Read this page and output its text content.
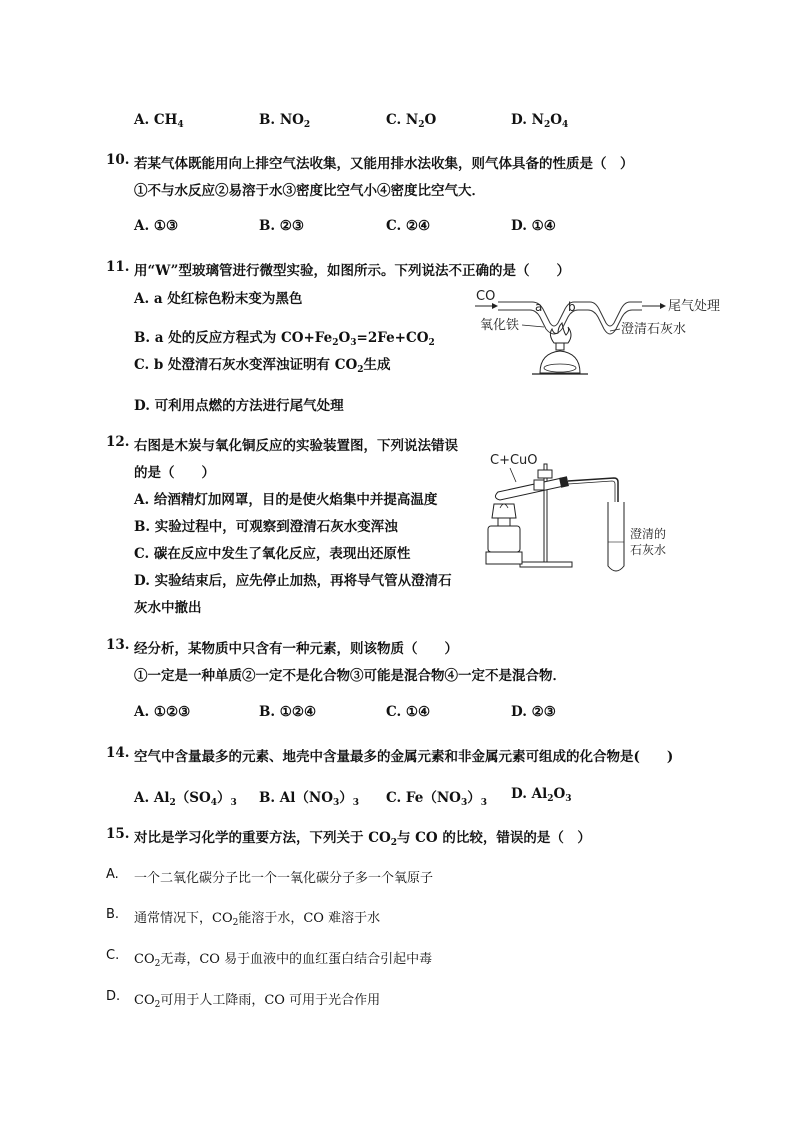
A. $CH_4$	B. $NO_2$	C. $N_2O$	D. $N_2O_4$
10. 若某气体既能用向上排空气法收集，又能用排水法收集，则气体具备的性质是（　）
①不与水反应②易溶于水③密度比空气小④密度比空气大．
A. ①③	B. ②③	C. ②④	D. ①④
11. 用“W”型玻璃管进行微型实验，如图所示。下列说法不正确的是（　　）
A. a 处红棕色粉末变为黑色
B. a 处的反应方程式为 $CO+Fe_2O_3=2Fe+CO_2$
C. b 处澄清石灰水变浑浊证明有 $CO_2$生成
D. 可利用点燃的方法进行尾气处理
CO
a b	尾气处理
氧化铁	澄清石灰水
12. 右图是木炭与氧化铜反应的实验装置图，下列说法错误
的是（　　）
A. 给酒精灯加网罩，目的是使火焰集中并提高温度
B. 实验过程中，可观察到澄清石灰水变浑浊
C. 碳在反应中发生了氧化反应，表现出还原性
D. 实验结束后，应先停止加热，再将导气管从澄清石
灰水中撤出
C+CuO
澄清的
石灰水
13. 经分析，某物质中只含有一种元素，则该物质（　　）
①一定是一种单质②一定不是化合物③可能是混合物④一定不是混合物．
A. ①②③	B. ①②④	C. ①④	D. ②③
14. 空气中含量最多的元素、地壳中含量最多的金属元素和非金属元素可组成的化合物是(　　)
A. $Al_2(SO_4)_3$ B. $Al(NO_3)_3$ C. $Fe(NO_3)_3$
D. $Al_2O_3$
15. 对比是学习化学的重要方法，下列关于 $CO_2$与 CO 的比较，错误的是（　）
A. 一个二氧化碳分子比一个一氧化碳分子多一个氧原子
B. 通常情况下，$CO_2$能溶于水，CO 难溶于水
C. $CO_2$无毒，CO 易于血液中的血红蛋白结合引起中毒
D. $CO_2$可用于人工降雨，CO 可用于光合作用
